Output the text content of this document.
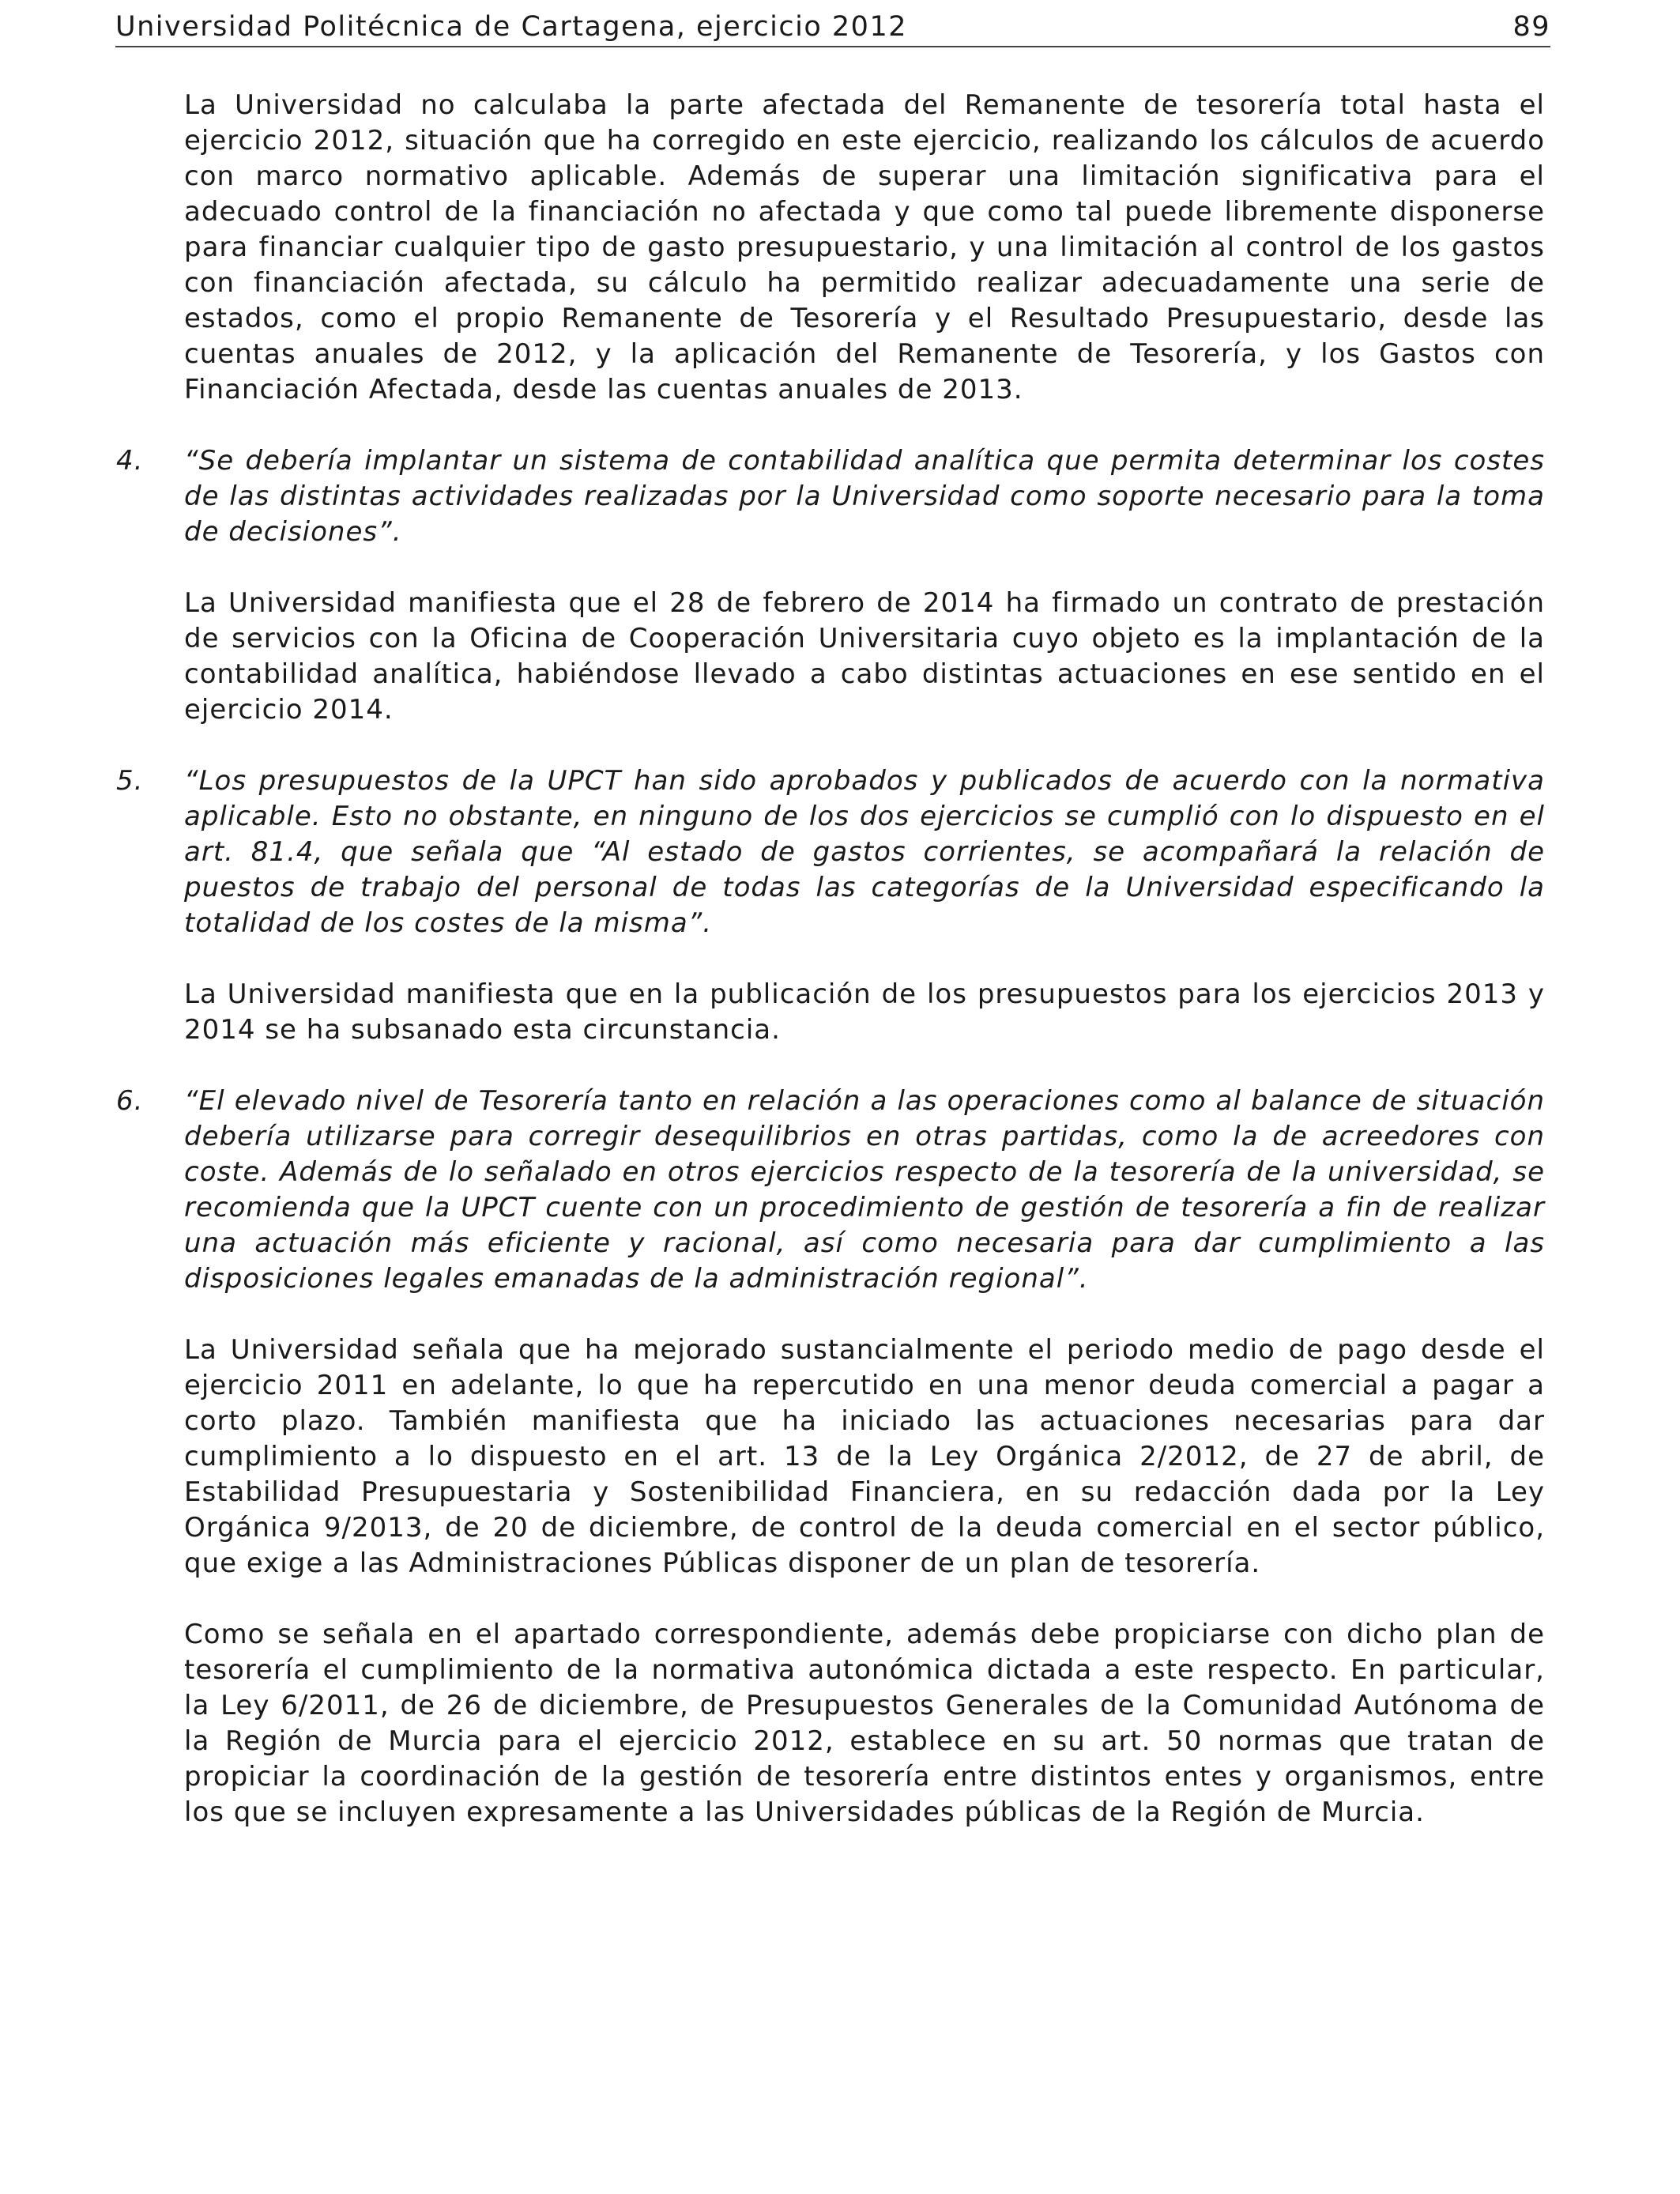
Universidad Politécnica de Cartagena, ejercicio 2012	89

La Universidad no calculaba la parte afectada del Remanente de tesorería total hasta el ejercicio 2012, situación que ha corregido en este ejercicio, realizando los cálculos de acuerdo con marco normativo aplicable. Además de superar una limitación significativa para el adecuado control de la financiación no afectada y que como tal puede libremente disponerse para financiar cualquier tipo de gasto presupuestario, y una limitación al control de los gastos con financiación afectada, su cálculo ha permitido realizar adecuadamente una serie de estados, como el propio Remanente de Tesorería y el Resultado Presupuestario, desde las cuentas anuales de 2012, y la aplicación del Remanente de Tesorería, y los Gastos con Financiación Afectada, desde las cuentas anuales de 2013.

4. “Se debería implantar un sistema de contabilidad analítica que permita determinar los costes de las distintas actividades realizadas por la Universidad como soporte necesario para la toma de decisiones”.

La Universidad manifiesta que el 28 de febrero de 2014 ha firmado un contrato de prestación de servicios con la Oficina de Cooperación Universitaria cuyo objeto es la implantación de la contabilidad analítica, habiéndose llevado a cabo distintas actuaciones en ese sentido en el ejercicio 2014.

5. “Los presupuestos de la UPCT han sido aprobados y publicados de acuerdo con la normativa aplicable. Esto no obstante, en ninguno de los dos ejercicios se cumplió con lo dispuesto en el art. 81.4, que señala que “Al estado de gastos corrientes, se acompañará la relación de puestos de trabajo del personal de todas las categorías de la Universidad especificando la totalidad de los costes de la misma”.

La Universidad manifiesta que en la publicación de los presupuestos para los ejercicios 2013 y 2014 se ha subsanado esta circunstancia.

6. “El elevado nivel de Tesorería tanto en relación a las operaciones como al balance de situación debería utilizarse para corregir desequilibrios en otras partidas, como la de acreedores con coste. Además de lo señalado en otros ejercicios respecto de la tesorería de la universidad, se recomienda que la UPCT cuente con un procedimiento de gestión de tesorería a fin de realizar una actuación más eficiente y racional, así como necesaria para dar cumplimiento a las disposiciones legales emanadas de la administración regional”.

La Universidad señala que ha mejorado sustancialmente el periodo medio de pago desde el ejercicio 2011 en adelante, lo que ha repercutido en una menor deuda comercial a pagar a corto plazo. También manifiesta que ha iniciado las actuaciones necesarias para dar cumplimiento a lo dispuesto en el art. 13 de la Ley Orgánica 2/2012, de 27 de abril, de Estabilidad Presupuestaria y Sostenibilidad Financiera, en su redacción dada por la Ley Orgánica 9/2013, de 20 de diciembre, de control de la deuda comercial en el sector público, que exige a las Administraciones Públicas disponer de un plan de tesorería.

Como se señala en el apartado correspondiente, además debe propiciarse con dicho plan de tesorería el cumplimiento de la normativa autonómica dictada a este respecto. En particular, la Ley 6/2011, de 26 de diciembre, de Presupuestos Generales de la Comunidad Autónoma de la Región de Murcia para el ejercicio 2012, establece en su art. 50 normas que tratan de propiciar la coordinación de la gestión de tesorería entre distintos entes y organismos, entre los que se incluyen expresamente a las Universidades públicas de la Región de Murcia.
